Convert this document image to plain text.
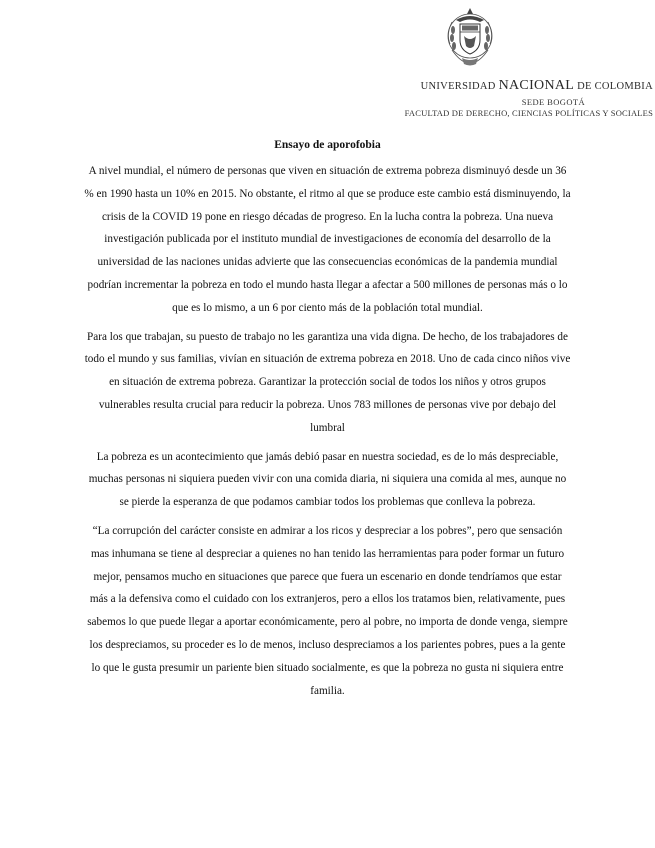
UNIVERSIDAD NACIONAL DE COLOMBIA
SEDE BOGOTÁ
FACULTAD DE DERECHO, CIENCIAS POLÍTICAS Y SOCIALES
Ensayo de aporofobia

A nivel mundial, el número de personas que viven en situación de extrema pobreza disminuyó desde un 36 % en 1990 hasta un 10% en 2015. No obstante, el ritmo al que se produce este cambio está disminuyendo, la crisis de la COVID 19 pone en riesgo décadas de progreso. En la lucha contra la pobreza. Una nueva investigación publicada por el instituto mundial de investigaciones de economía del desarrollo de la universidad de las naciones unidas advierte que las consecuencias económicas de la pandemia mundial podrían incrementar la pobreza en todo el mundo hasta llegar a afectar a 500 millones de personas más o lo que es lo mismo, a un 6 por ciento más de la población total mundial.

Para los que trabajan, su puesto de trabajo no les garantiza una vida digna. De hecho, de los trabajadores de todo el mundo y sus familias, vivían en situación de extrema pobreza en 2018. Uno de cada cinco niños vive en situación de extrema pobreza. Garantizar la protección social de todos los niños y otros grupos vulnerables resulta crucial para reducir la pobreza. Unos 783 millones de personas vive por debajo del lumbral

La pobreza es un acontecimiento que jamás debió pasar en nuestra sociedad, es de lo más despreciable, muchas personas ni siquiera pueden vivir con una comida diaria, ni siquiera una comida al mes, aunque no se pierde la esperanza de que podamos cambiar todos los problemas que conlleva la pobreza.

“La corrupción del carácter consiste en admirar a los ricos y despreciar a los pobres”, pero que sensación mas inhumana se tiene al despreciar a quienes no han tenido las herramientas para poder formar un futuro mejor, pensamos mucho en situaciones que parece que fuera un escenario en donde tendríamos que estar más a la defensiva como el cuidado con los extranjeros, pero a ellos los tratamos bien, relativamente, pues sabemos lo que puede llegar a aportar económicamente, pero al pobre, no importa de donde venga, siempre los despreciamos, su proceder es lo de menos, incluso despreciamos a los parientes pobres, pues a la gente lo que le gusta presumir un pariente bien situado socialmente, es que la pobreza no gusta ni siquiera entre familia.
